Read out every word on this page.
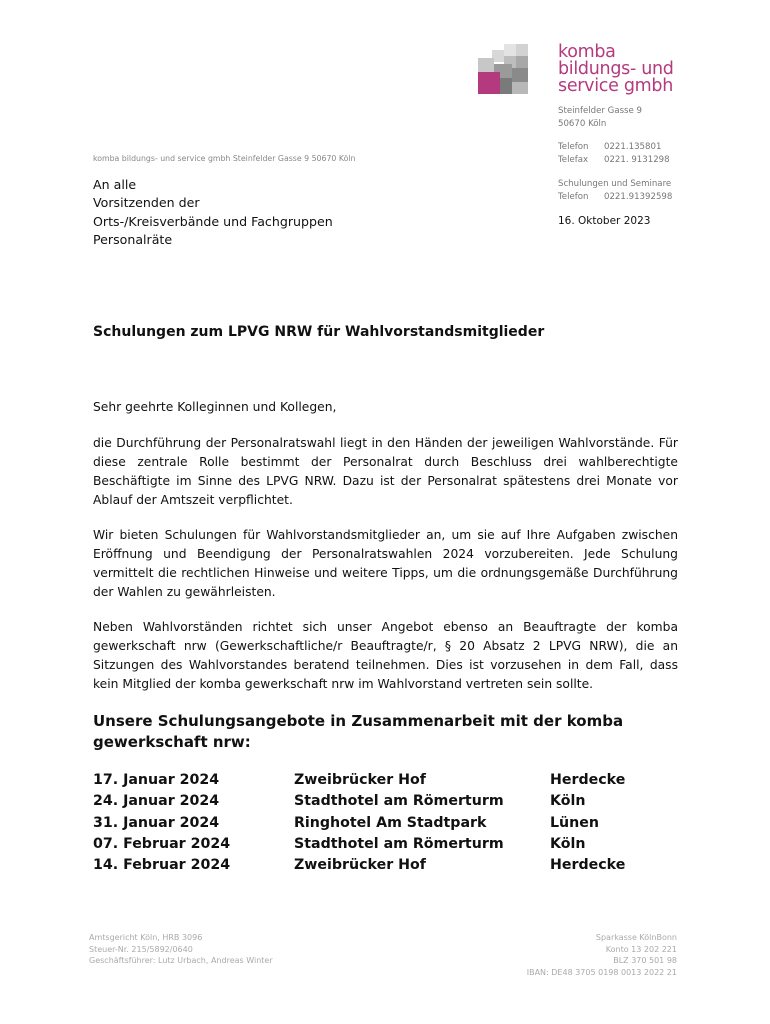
komba
bildungs- und
service gmbh
Steinfelder Gasse 9
50670 Köln
Telefon 0221.135801
Telefax 0221. 9131298
Schulungen und Seminare
Telefon 0221.91392598
komba bildungs- und service gmbh Steinfelder Gasse 9 50670 Köln
An alle
Vorsitzenden der
Orts-/Kreisverbände und Fachgruppen
Personalräte
16. Oktober 2023
Schulungen zum LPVG NRW für Wahlvorstandsmitglieder
Sehr geehrte Kolleginnen und Kollegen,
die Durchführung der Personalratswahl liegt in den Händen der jeweiligen Wahlvorstände. Für diese zentrale Rolle bestimmt der Personalrat durch Beschluss drei wahlberechtigte Beschäftigte im Sinne des LPVG NRW. Dazu ist der Personalrat spätestens drei Monate vor Ablauf der Amtszeit verpflichtet.
Wir bieten Schulungen für Wahlvorstandsmitglieder an, um sie auf Ihre Aufgaben zwischen Eröffnung und Beendigung der Personalratswahlen 2024 vorzubereiten. Jede Schulung vermittelt die rechtlichen Hinweise und weitere Tipps, um die ordnungsgemäße Durchführung der Wahlen zu gewährleisten.
Neben Wahlvorständen richtet sich unser Angebot ebenso an Beauftragte der komba gewerkschaft nrw (Gewerkschaftliche/r Beauftragte/r, § 20 Absatz 2 LPVG NRW), die an Sitzungen des Wahlvorstandes beratend teilnehmen. Dies ist vorzusehen in dem Fall, dass kein Mitglied der komba gewerkschaft nrw im Wahlvorstand vertreten sein sollte.
Unsere Schulungsangebote in Zusammenarbeit mit der komba gewerkschaft nrw:
17. Januar 2024	Zweibrücker Hof	Herdecke
24. Januar 2024	Stadthotel am Römerturm	Köln
31. Januar 2024	Ringhotel Am Stadtpark	Lünen
07. Februar 2024	Stadthotel am Römerturm	Köln
14. Februar 2024	Zweibrücker Hof	Herdecke
Amtsgericht Köln, HRB 3096
Steuer-Nr. 215/5892/0640
Geschäftsführer: Lutz Urbach, Andreas Winter
Sparkasse KölnBonn
Konto 13 202 221
BLZ 370 501 98
IBAN: DE48 3705 0198 0013 2022 21
